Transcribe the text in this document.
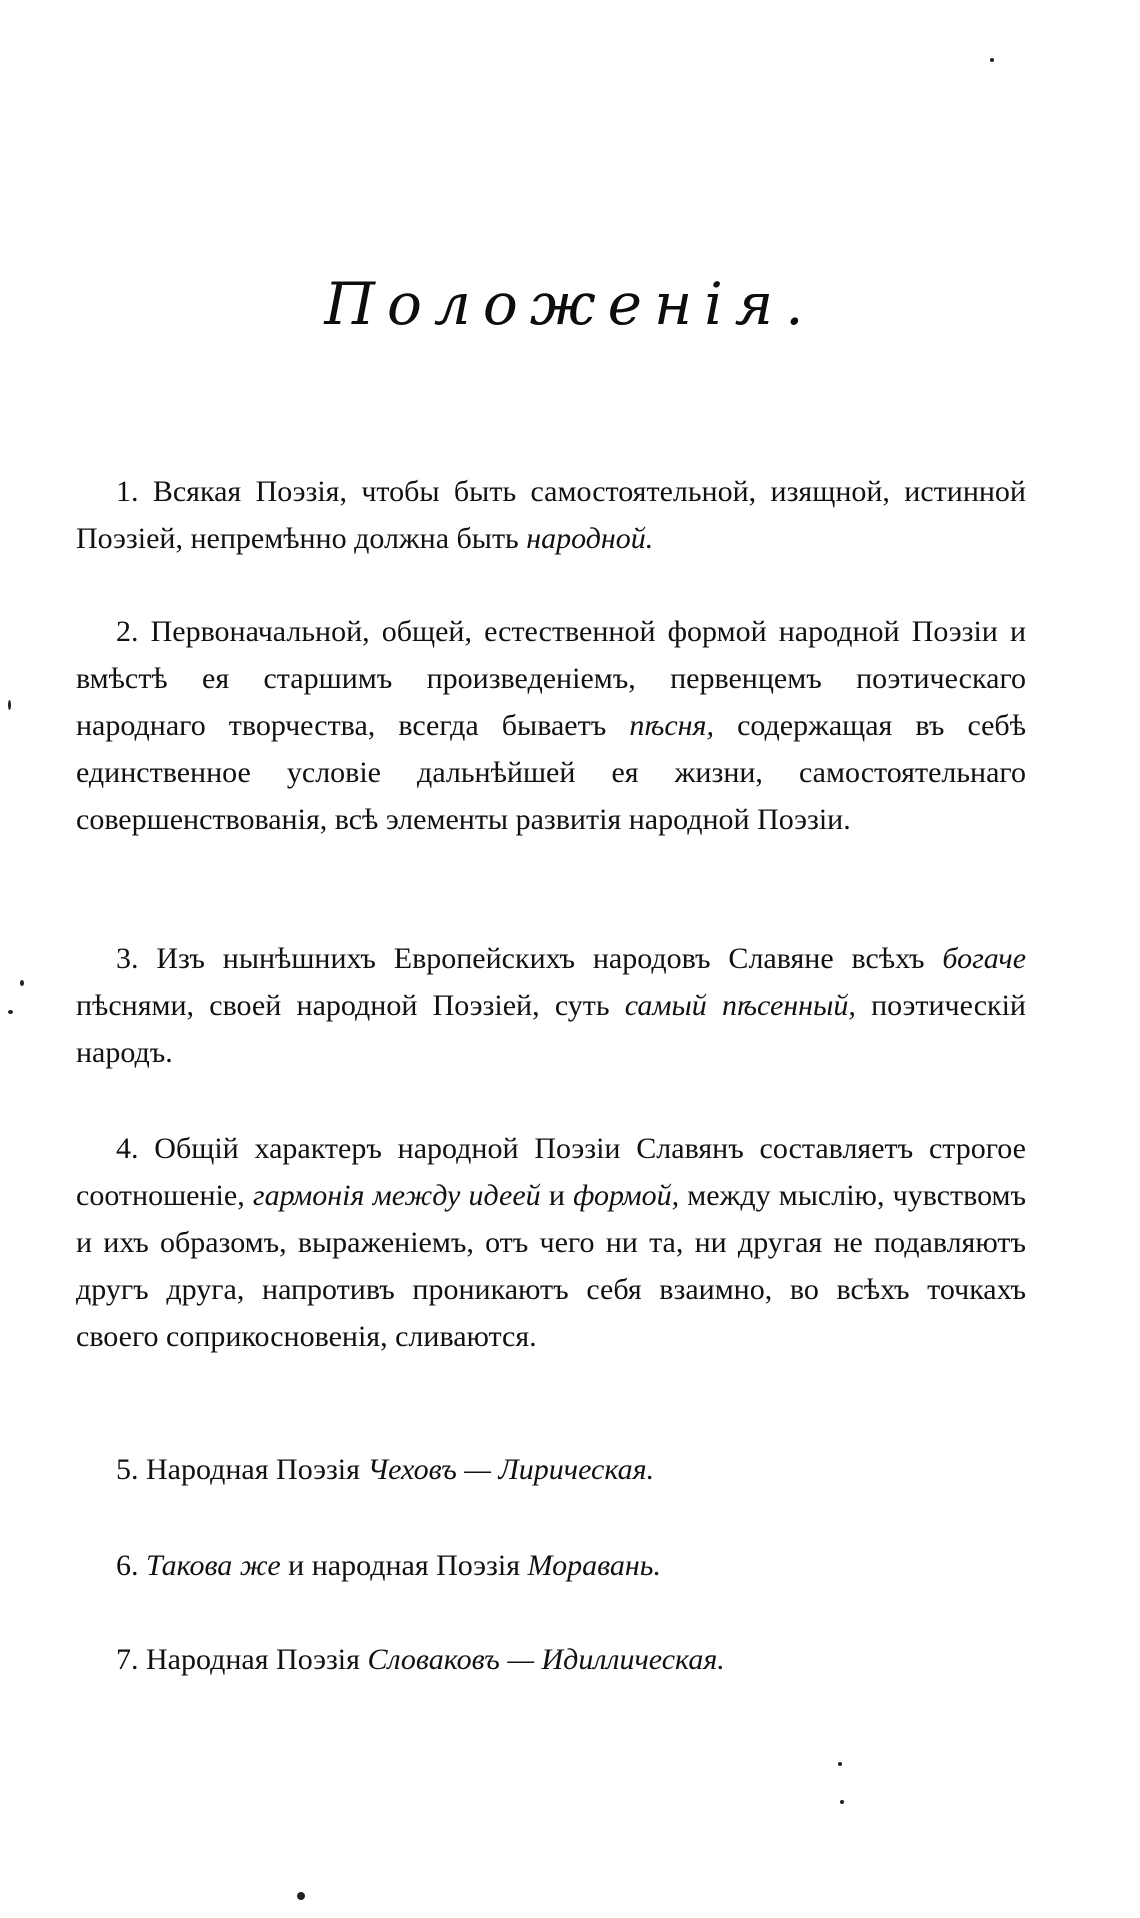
Положенія.
1. Всякая Поэзія, чтобы быть самостоятельной, изящной, истинной Поэзіей, непремѣнно должна быть народной.
2. Первоначальной, общей, естественной формой народной Поэзіи и вмѣстѣ ея старшимъ произведеніемъ, первенцемъ поэтическаго народнаго творчества, всегда бываетъ пѣсня, содержащая въ себѣ единственное условіе дальнѣйшей ея жизни, самостоятельнаго совершенствованія, всѣ элементы развитія народной Поэзіи.
3. Изъ нынѣшнихъ Европейскихъ народовъ Славяне всѣхъ богаче пѣснями, своей народной Поэзіей, суть самый пѣсенный, поэтическій народъ.
4. Общій характеръ народной Поэзіи Славянъ составляетъ строгое соотношеніе, гармонія между идеей и формой, между мыслію, чувствомъ и ихъ образомъ, выраженіемъ, отъ чего ни та, ни другая не подавляютъ другъ друга, напротивъ проникаютъ себя взаимно, во всѣхъ точкахъ своего соприкосновенія, сливаются.
5. Народная Поэзія Чеховъ — Лирическая.
6. Такова же и народная Поэзія Моравань.
7. Народная Поэзія Словаковъ — Идиллическая.
